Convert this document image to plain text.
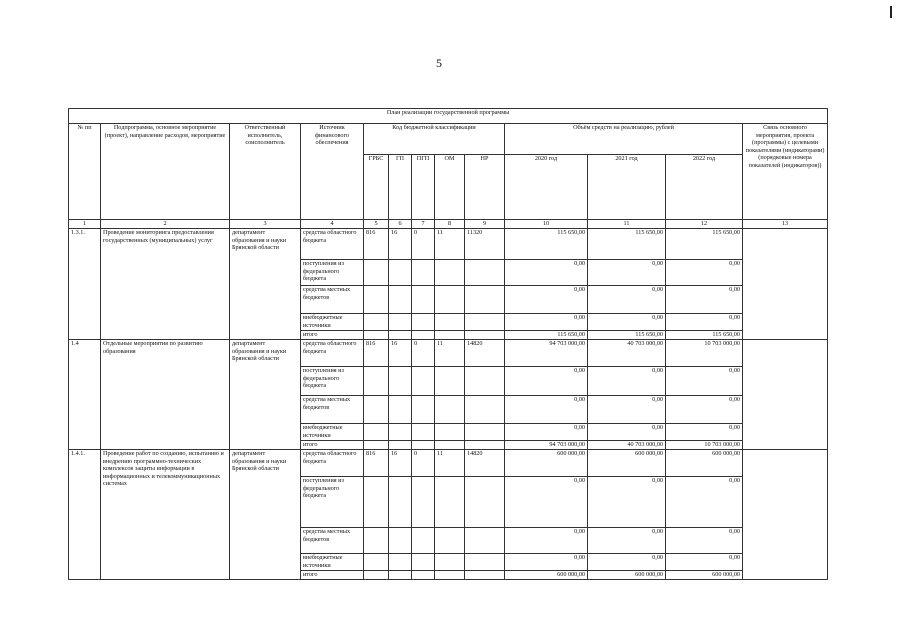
5
План реализации государственной программы												
№ пп	Подпрограмма, основное мероприятие (проект), направление расходов, мероприятие	Ответственный исполнитель, соисполнитель	Источник финансового обеспечения	Код бюджетной классификации					Объём средств на реализацию, рублей			Связь основного мероприятия, проекта (программы) с целевыми показателями (индикаторами) (порядковые номера показателей (индикаторов))
				ГРБС	ГП	ПГП	ОМ	НР	2020 год	2021 год	2022 год	
1	2	3	4	5	6	7	8	9	10	11	12	13
1.3.1.	Проведение мониторинга предоставления государственных (муниципальных) услуг	департамент образования и науки Брянской области	средства областного бюджета	816	16	0	11	11320	115 650,00	115 650,00	115 650,00	
			поступления из федерального бюджета						0,00	0,00	0,00	
			средства местных бюджетов						0,00	0,00	0,00	
			внебюджетные источники						0,00	0,00	0,00	
			итого						115 650,00	115 650,00	115 650,00	
1.4	Отдельные мероприятия по развитию образования	департамент образования и науки Брянской области	средства областного бюджета	816	16	0	11	14820	94 703 000,00	40 703 000,00	10 703 000,00	
			поступления из федерального бюджета						0,00	0,00	0,00	
			средства местных бюджетов						0,00	0,00	0,00	
			внебюджетные источники						0,00	0,00	0,00	
			итого						94 703 000,00	40 703 000,00	10 703 000,00	
1.4.1.	Проведение работ по созданию, испытанию и внедрению программно-технических комплексов защиты информации в информационных и телекоммуникационных системах	департамент образования и науки Брянской области	средства областного бюджета	816	16	0	11	14820	600 000,00	600 000,00	600 000,00	
			поступления из федерального бюджета						0,00	0,00	0,00	
			средства местных бюджетов						0,00	0,00	0,00	
			внебюджетные источники						0,00	0,00	0,00	
			итого						600 000,00	600 000,00	600 000,00	
